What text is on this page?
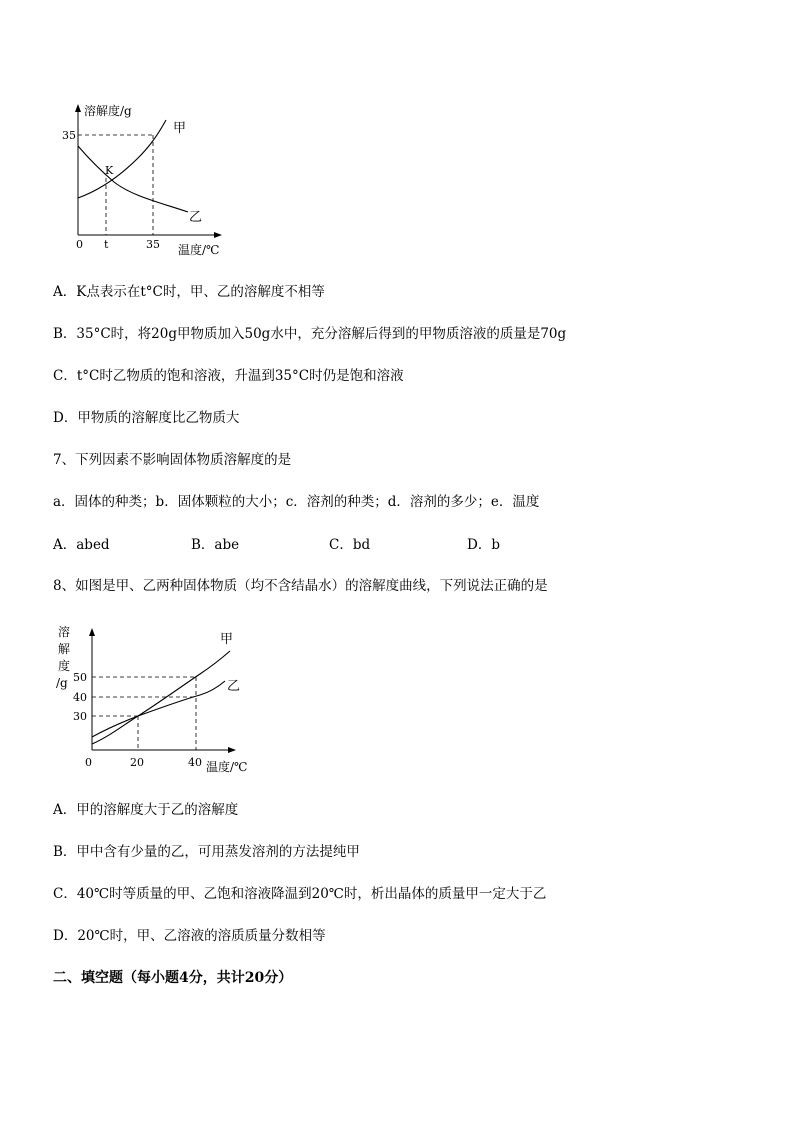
溶解度/g
35
K
甲
乙
0 t	35 温度/℃
A．K点表示在t°C时，甲、乙的溶解度不相等
B．35°C时，将20g甲物质加入50g水中，充分溶解后得到的甲物质溶液的质量是70g
C．t°C时乙物质的饱和溶液，升温到35°C时仍是饱和溶液
D．甲物质的溶解度比乙物质大
7、下列因素不影响固体物质溶解度的是
a．固体的种类；b．固体颗粒的大小；c．溶剂的种类；d．溶剂的多少；e．温度
A．abed	B．abe	C．bd	D．b
8、如图是甲、乙两种固体物质（均不含结晶水）的溶解度曲线，下列说法正确的是
溶
解
度
/g 50
40
30
甲
乙
0	20	40 温度/℃
A．甲的溶解度大于乙的溶解度
B．甲中含有少量的乙，可用蒸发溶剂的方法提纯甲
C．40℃时等质量的甲、乙饱和溶液降温到20℃时，析出晶体的质量甲一定大于乙
D．20℃时，甲、乙溶液的溶质质量分数相等
二、填空题（每小题4分，共计20分）
